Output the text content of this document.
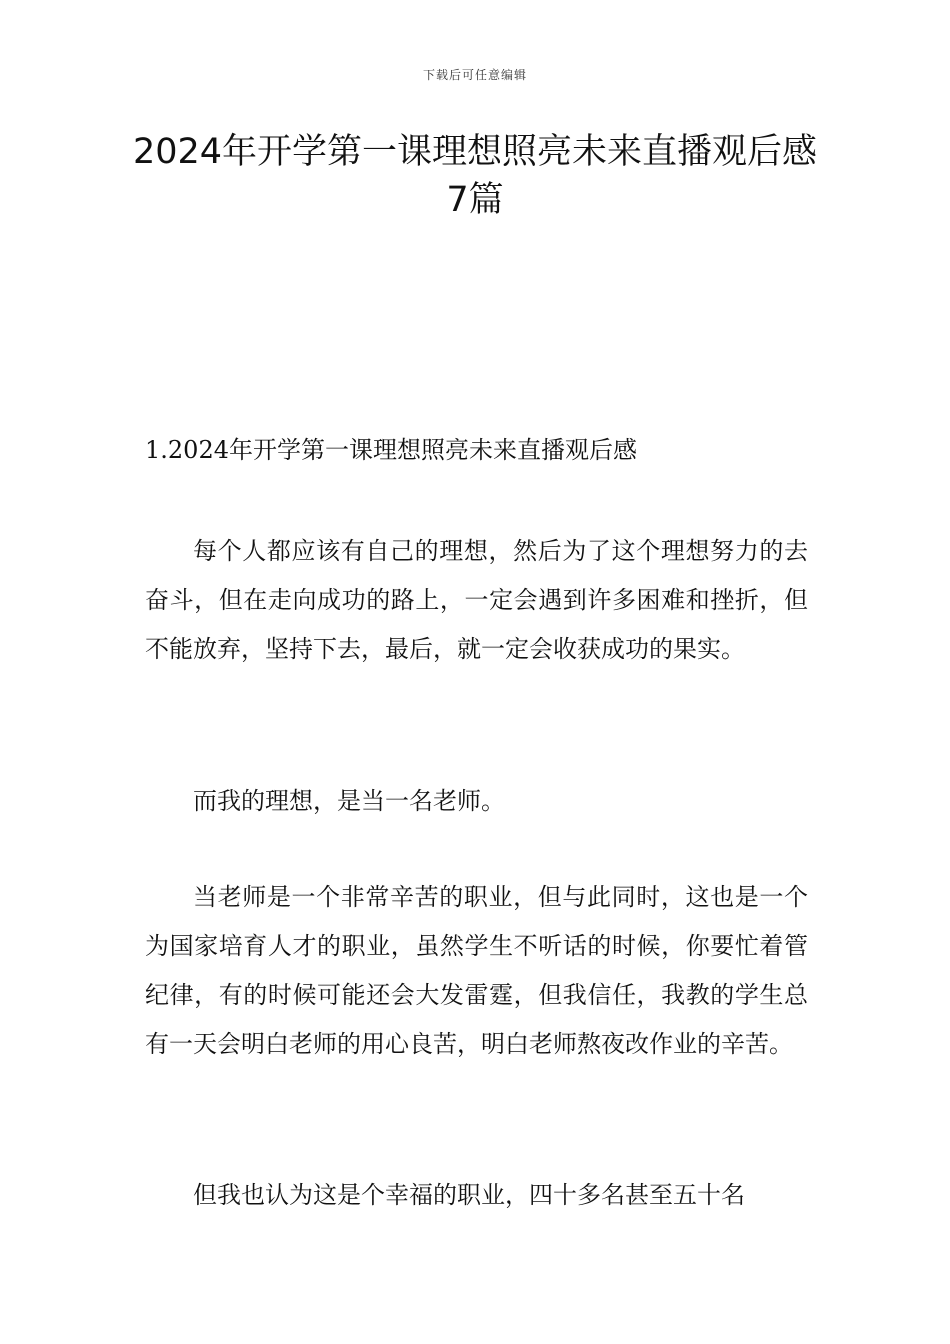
下载后可任意编辑
2024年开学第一课理想照亮未来直播观后感7篇

1.2024年开学第一课理想照亮未来直播观后感

每个人都应该有自己的理想，然后为了这个理想努力的去奋斗，但在走向成功的路上，一定会遇到许多困难和挫折，但不能放弃，坚持下去，最后，就一定会收获成功的果实。

而我的理想，是当一名老师。

当老师是一个非常辛苦的职业，但与此同时，这也是一个为国家培育人才的职业，虽然学生不听话的时候，你要忙着管纪律，有的时候可能还会大发雷霆，但我信任，我教的学生总有一天会明白老师的用心良苦，明白老师熬夜改作业的辛苦。

但我也认为这是个幸福的职业，四十多名甚至五十名
